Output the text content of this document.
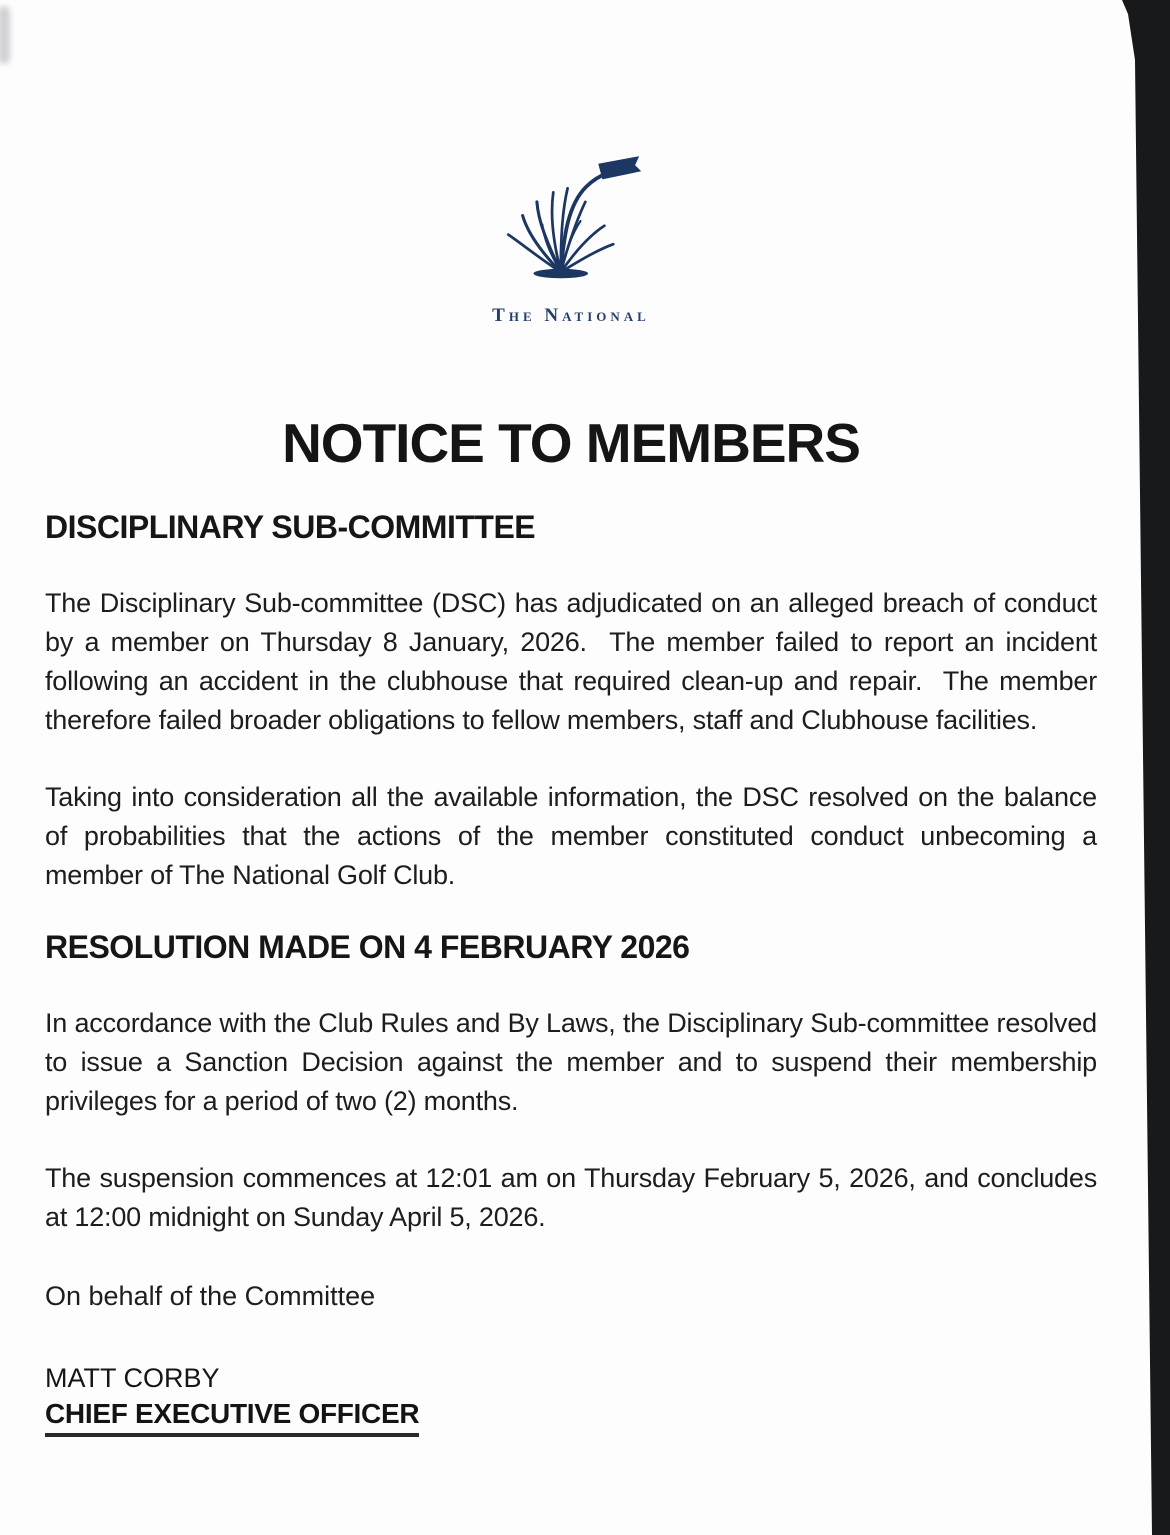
The National
NOTICE TO MEMBERS
DISCIPLINARY SUB-COMMITTEE

The Disciplinary Sub-committee (DSC) has adjudicated on an alleged breach of conduct by a member on Thursday 8 January, 2026.  The member failed to report an incident following an accident in the clubhouse that required clean-up and repair.  The member therefore failed broader obligations to fellow members, staff and Clubhouse facilities.

Taking into consideration all the available information, the DSC resolved on the balance of probabilities that the actions of the member constituted conduct unbecoming a member of The National Golf Club.

RESOLUTION MADE ON 4 FEBRUARY 2026

In accordance with the Club Rules and By Laws, the Disciplinary Sub-committee resolved to issue a Sanction Decision against the member and to suspend their membership privileges for a period of two (2) months.

The suspension commences at 12:01 am on Thursday February 5, 2026, and concludes at 12:00 midnight on Sunday April 5, 2026.

On behalf of the Committee

MATT CORBY
CHIEF EXECUTIVE OFFICER
